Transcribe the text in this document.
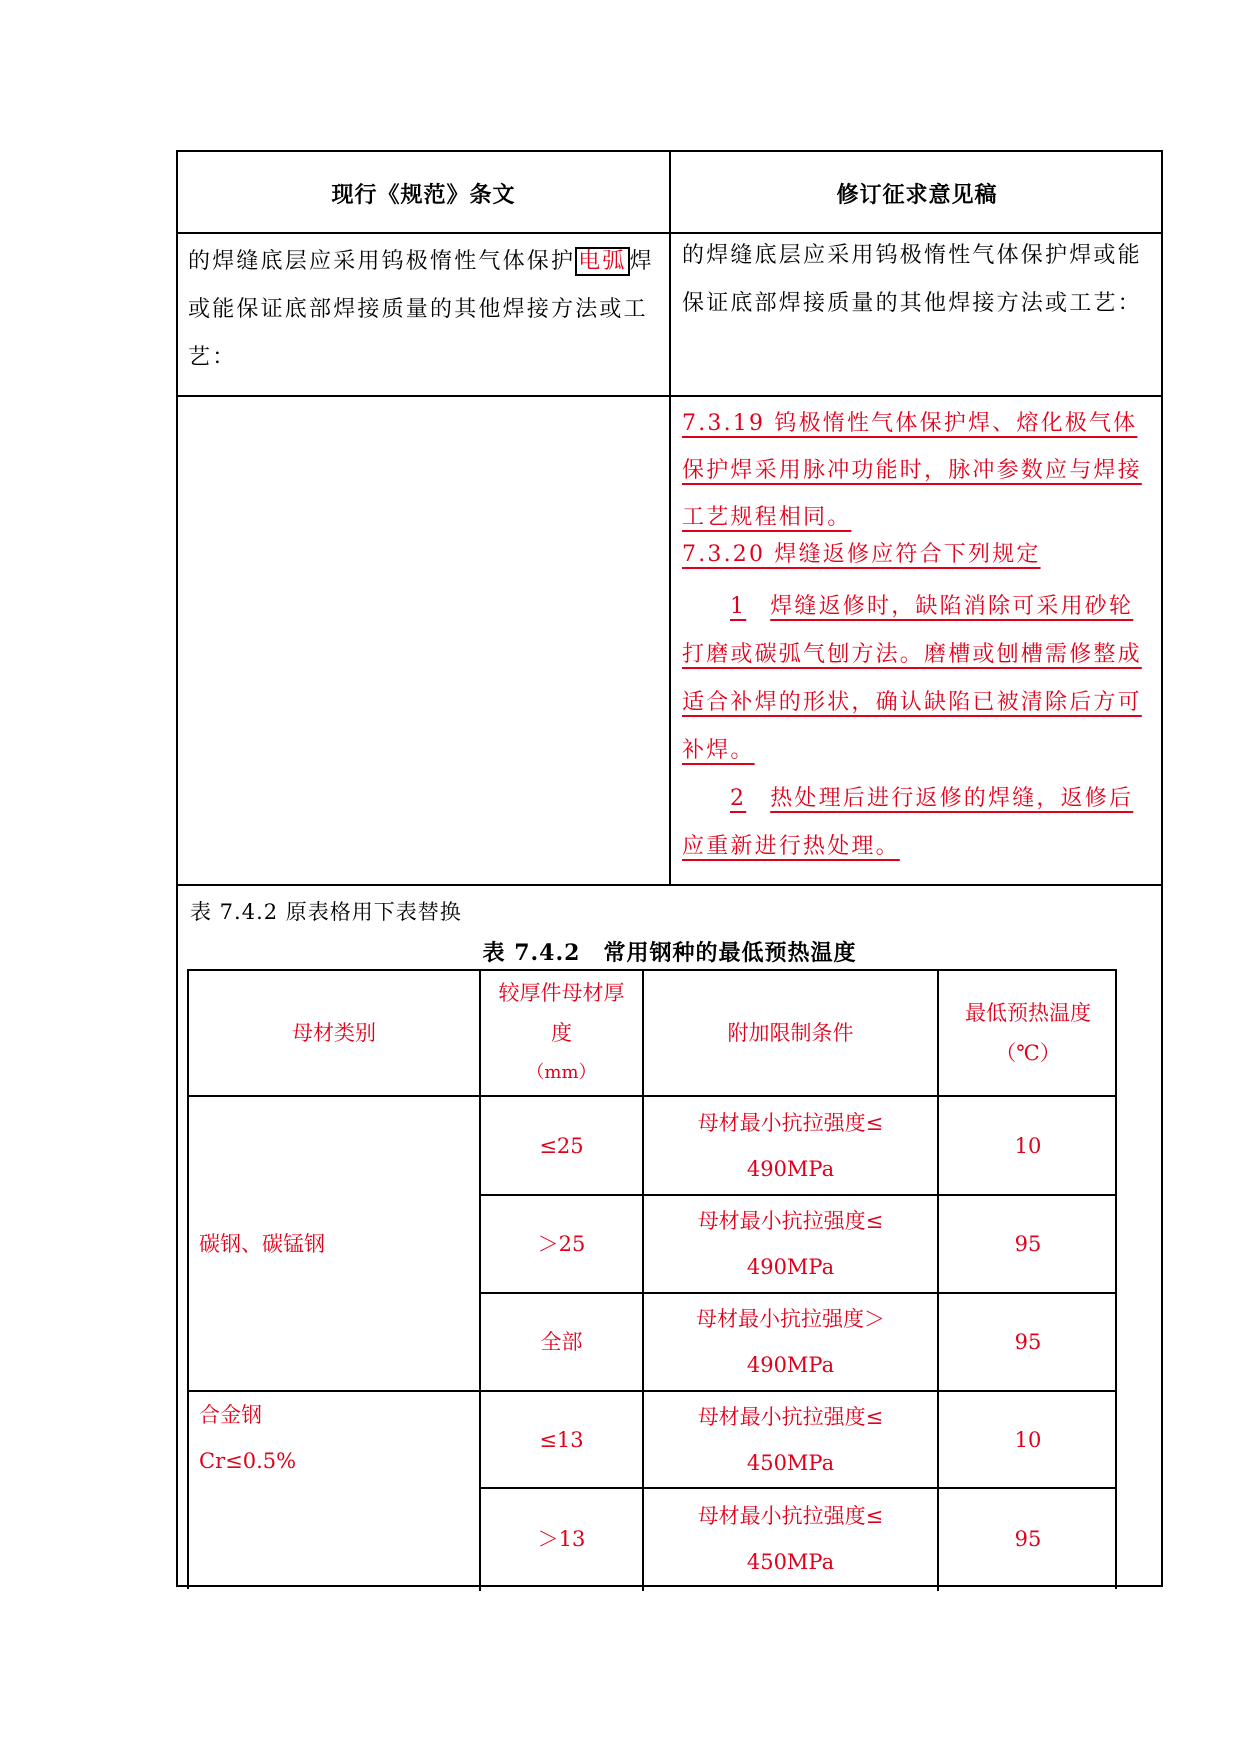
现行《规范》条文	修订征求意见稿
的焊缝底层应采用钨极惰性气体保护 电弧 焊或能保证底部焊接质量的其他焊接方法或工艺：
的焊缝底层应采用钨极惰性气体保护焊或能保证底部焊接质量的其他焊接方法或工艺：
7.3.19 钨极惰性气体保护焊、熔化极气体保护焊采用脉冲功能时，脉冲参数应与焊接工艺规程相同。
7.3.20 焊缝返修应符合下列规定
1 焊缝返修时，缺陷消除可采用砂轮打磨或碳弧气刨方法。磨槽或刨槽需修整成适合补焊的形状，确认缺陷已被清除后方可补焊。
2 热处理后进行返修的焊缝，返修后应重新进行热处理。
表 7.4.2 原表格用下表替换
表 7.4.2　常用钢种的最低预热温度
母材类别
较厚件母材厚
度
（mm）
附加限制条件
最低预热温度
（℃）
碳钢、碳锰钢
≤25
母材最小抗拉强度≤
490MPa
10
＞25
母材最小抗拉强度≤
490MPa
95
全部
母材最小抗拉强度＞
490MPa
95
合金钢
Cr≤0.5%
≤13
母材最小抗拉强度≤
450MPa
10
＞13
母材最小抗拉强度≤
450MPa
95
